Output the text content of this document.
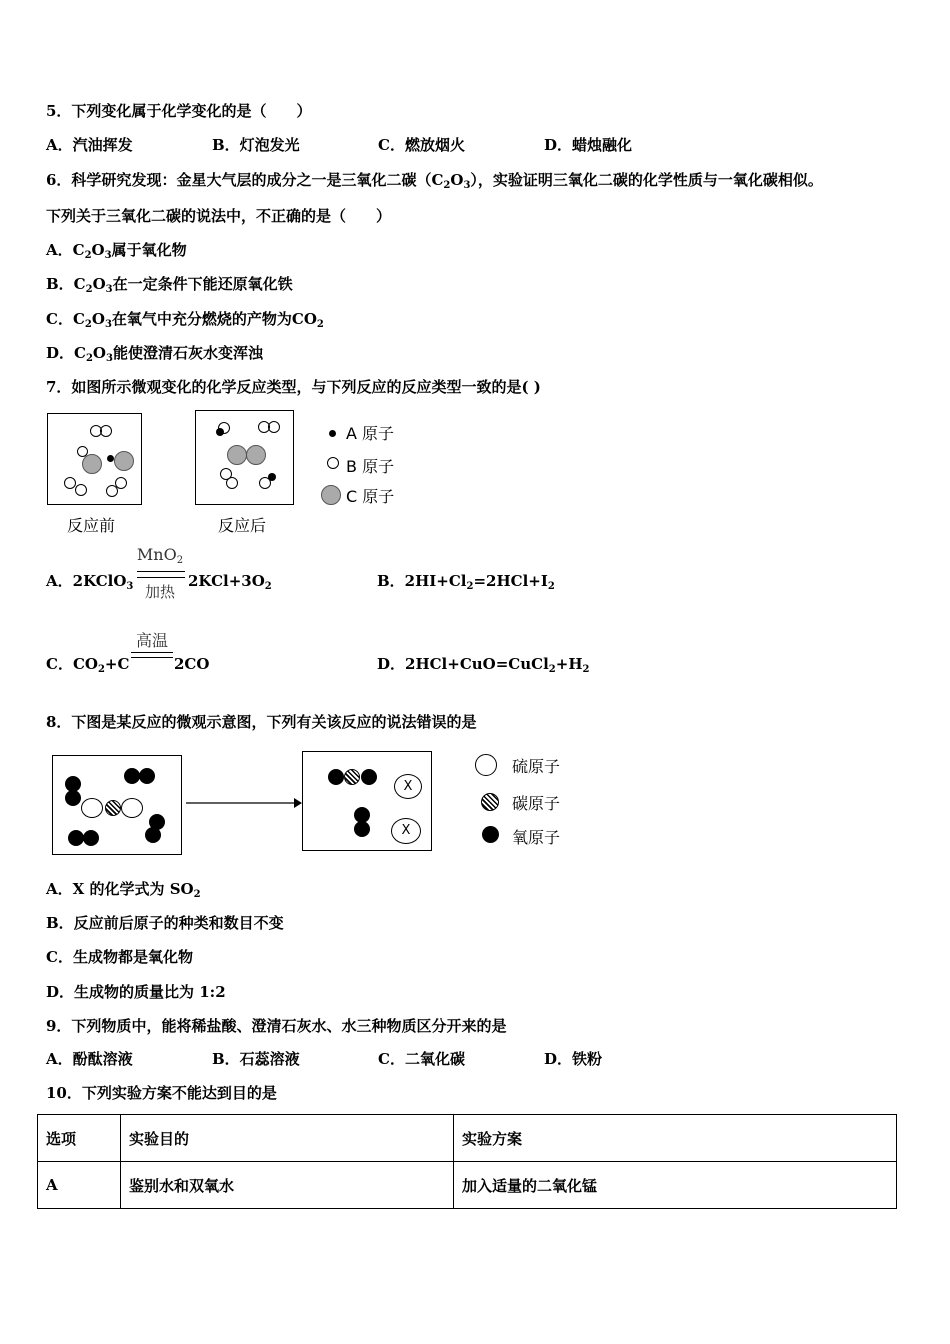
5．下列变化属于化学变化的是（　　）
A．汽油挥发	B．灯泡发光	C．燃放烟火	D．蜡烛融化
6．科学研究发现：金星大气层的成分之一是三氧化二碳$(C_2O_3)$，实验证明三氧化二碳的化学性质与一氧化碳相似。
下列关于三氧化二碳的说法中，不正确的是（　　）
A．$C_2O_3$属于氧化物
B．$C_2O_3$在一定条件下能还原氧化铁
C．$C_2O_3$在氧气中充分燃烧的产物为$CO_2$
D．$C_2O_3$能使澄清石灰水变浑浊
7．如图所示微观变化的化学反应类型，与下列反应的反应类型一致的是( )
反应前	反应后
A 原子
B 原子
C 原子
A．2KClO$_3$
MnO$_2$
加热
$2KCl+3O_2$	B．$2HI+Cl_2=2HCl+I_2$
C．$CO_2+C$
高温
2CO	D．$2HCl+CuO=CuCl_2+H_2$
8．下图是某反应的微观示意图，下列有关该反应的说法错误的是
X
X
硫原子
碳原子
氧原子
A．X 的化学式为 $SO_2$
B．反应前后原子的种类和数目不变
C．生成物都是氧化物
D．生成物的质量比为 1:2
9．下列物质中，能将稀盐酸、澄清石灰水、水三种物质区分开来的是
A．酚酞溶液	B．石蕊溶液	C．二氧化碳	D．铁粉
10．下列实验方案不能达到目的是
选项	实验目的	实验方案
A	鉴别水和双氧水	加入适量的二氧化锰
